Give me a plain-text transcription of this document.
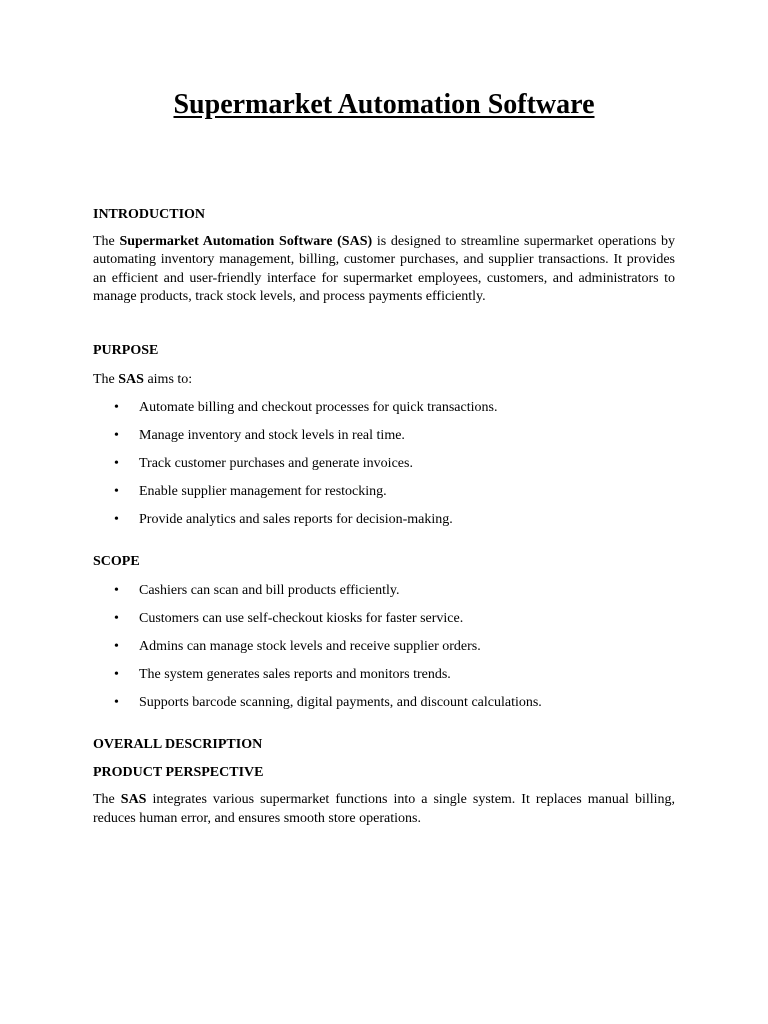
Supermarket Automation Software
INTRODUCTION

The Supermarket Automation Software (SAS) is designed to streamline supermarket operations by automating inventory management, billing, customer purchases, and supplier transactions. It provides an efficient and user-friendly interface for supermarket employees, customers, and administrators to manage products, track stock levels, and process payments efficiently.

PURPOSE

The SAS aims to:

• Automate billing and checkout processes for quick transactions.
• Manage inventory and stock levels in real time.
• Track customer purchases and generate invoices.
• Enable supplier management for restocking.
• Provide analytics and sales reports for decision-making.
SCOPE
• Cashiers can scan and bill products efficiently.
• Customers can use self-checkout kiosks for faster service.
• Admins can manage stock levels and receive supplier orders.
• The system generates sales reports and monitors trends.
• Supports barcode scanning, digital payments, and discount calculations.
OVERALL DESCRIPTION
PRODUCT PERSPECTIVE

The SAS integrates various supermarket functions into a single system. It replaces manual billing, reduces human error, and ensures smooth store operations.
